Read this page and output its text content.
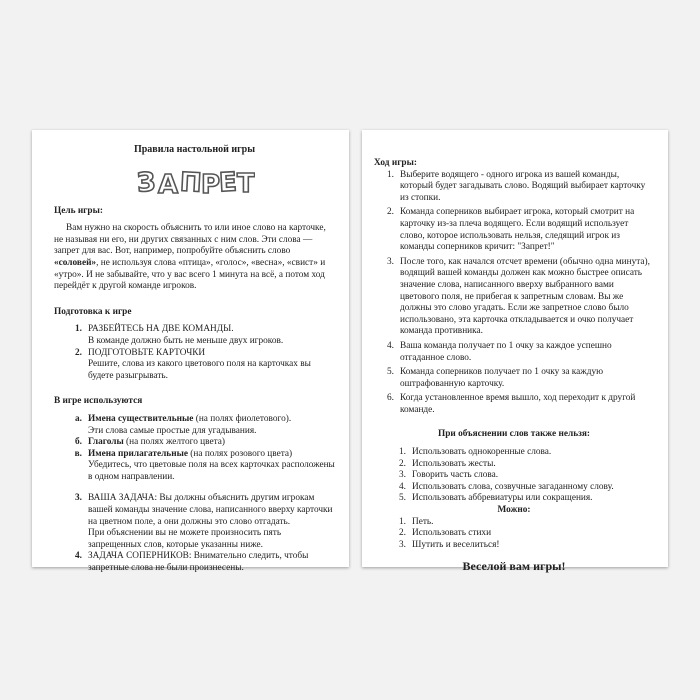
Правила настольной игры
З А П
Р
Е Т

Цель игры:

Вам нужно на скорость объяснить то или иное слово на карточке, не называя ни его, ни других связанных с ним слов. Эти слова — запрет для вас. Вот, например, попробуйте объяснить слово «соловей», не используя слова «птица», «голос», «весна», «свист» и «утро». И не забывайте, что у вас всего 1 минута на всё, а потом ход перейдёт к другой команде игроков.

Подготовка к игре

1. РАЗБЕЙТЕСЬ НА ДВЕ КОМАНДЫ.
В команде должно быть не меньше двух игроков.
2. ПОДГОТОВЬТЕ КАРТОЧКИ
Решите, слова из какого цветового поля на карточках вы будете разыгрывать.

В игре используются

а. Имена существительные (на полях фиолетового).
Эти слова самые простые для угадывания.
б. Глаголы (на полях желтого цвета)
в. Имена прилагательные (на полях розового цвета)
Убедитесь, что цветовые поля на всех карточках расположены в одном направлении.
3. ВАША ЗАДАЧА: Вы должны объяснить другим игрокам вашей команды значение слова, написанного вверху карточки на цветном поле, а они должны это слово отгадать.
При объяснении вы не можете произносить пять запрещенных слов, которые указанны ниже.
4. ЗАДАЧА СОПЕРНИКОВ: Внимательно следить, чтобы запретные слова не были произнесены.

Ход игры:

1. Выберите водящего - одного игрока из вашей команды, который будет загадывать слово. Водящий выбирает карточку из стопки.
2. Команда соперников выбирает игрока, который смотрит на карточку из-за плеча водящего. Если водящий использует слово, которое использовать нельзя, следящий игрок из команды соперников кричит: "Запрет!"
3. После того, как начался отсчет времени (обычно одна минута), водящий вашей команды должен как можно быстрее описать значение слова, написанного вверху выбранного вами цветового поля, не прибегая к запретным словам. Вы же должны это слово угадать. Если же запретное слово было использовано, эта карточка откладывается и очко получает команда противника.
4. Ваша команда получает по 1 очку за каждое успешно отгаданное слово.
5. Команда соперников получает по 1 очку за каждую оштрафованную карточку.
6. Когда установленное время вышло, ход переходит к другой команде.

При объяснении слов также нельзя:

1. Использовать однокоренные слова.
2. Использовать жесты.
3. Говорить часть слова.
4. Использовать слова, созвучные загаданному слову.
5. Использовать аббревиатуры или сокращения.

Можно:

1. Петь.
2. Использовать стихи
3. Шутить и веселиться!

Веселой вам игры!
